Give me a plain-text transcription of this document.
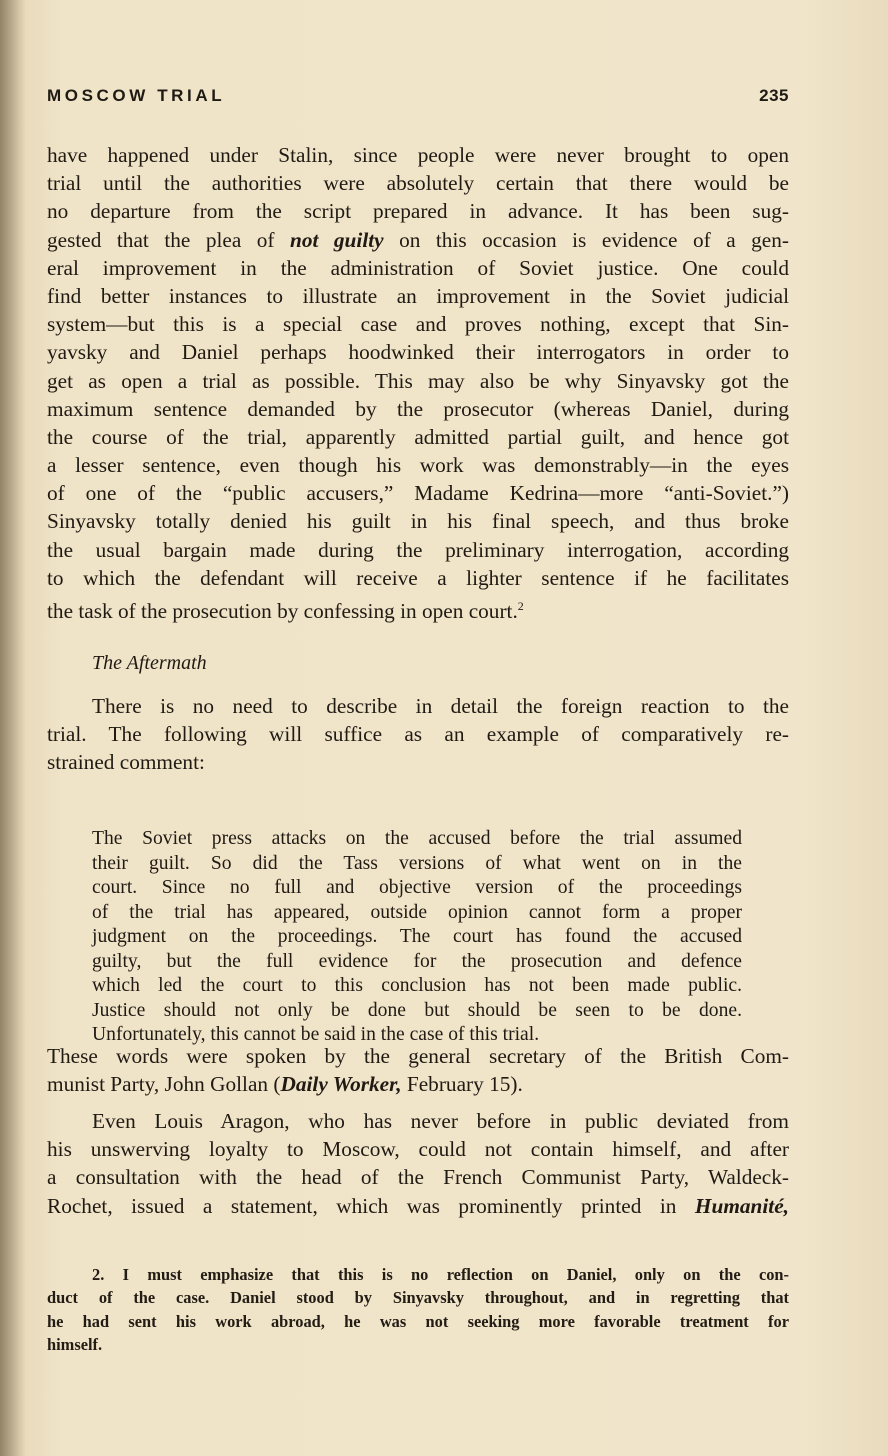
MOSCOW TRIAL	235
have happened under Stalin, since people were never brought to open
trial until the authorities were absolutely certain that there would be
no departure from the script prepared in advance. It has been sug-
gested that the plea of not guilty on this occasion is evidence of a gen-
eral improvement in the administration of Soviet justice. One could
find better instances to illustrate an improvement in the Soviet judicial
system—but this is a special case and proves nothing, except that Sin-
yavsky and Daniel perhaps hoodwinked their interrogators in order to
get as open a trial as possible. This may also be why Sinyavsky got the
maximum sentence demanded by the prosecutor (whereas Daniel, during
the course of the trial, apparently admitted partial guilt, and hence got
a lesser sentence, even though his work was demonstrably—in the eyes
of one of the “public accusers,” Madame Kedrina—more “anti-Soviet.”)
Sinyavsky totally denied his guilt in his final speech, and thus broke
the usual bargain made during the preliminary interrogation, according
to which the defendant will receive a lighter sentence if he facilitates
the task of the prosecution by confessing in open court.$^2$
The Aftermath
There is no need to describe in detail the foreign reaction to the
trial. The following will suffice as an example of comparatively re-
strained comment:
The Soviet press attacks on the accused before the trial assumed
their guilt. So did the Tass versions of what went on in the
court. Since no full and objective version of the proceedings
of the trial has appeared, outside opinion cannot form a proper
judgment on the proceedings. The court has found the accused
guilty, but the full evidence for the prosecution and defence
which led the court to this conclusion has not been made public.
Justice should not only be done but should be seen to be done.
Unfortunately, this cannot be said in the case of this trial.
These words were spoken by the general secretary of the British Com-
munist Party, John Gollan (Daily Worker, February 15).
Even Louis Aragon, who has never before in public deviated from
his unswerving loyalty to Moscow, could not contain himself, and after
a consultation with the head of the French Communist Party, Waldeck-
Rochet, issued a statement, which was prominently printed in Humanité,
2. I must emphasize that this is no reflection on Daniel, only on the con-
duct of the case. Daniel stood by Sinyavsky throughout, and in regretting that
he had sent his work abroad, he was not seeking more favorable treatment for
himself.
